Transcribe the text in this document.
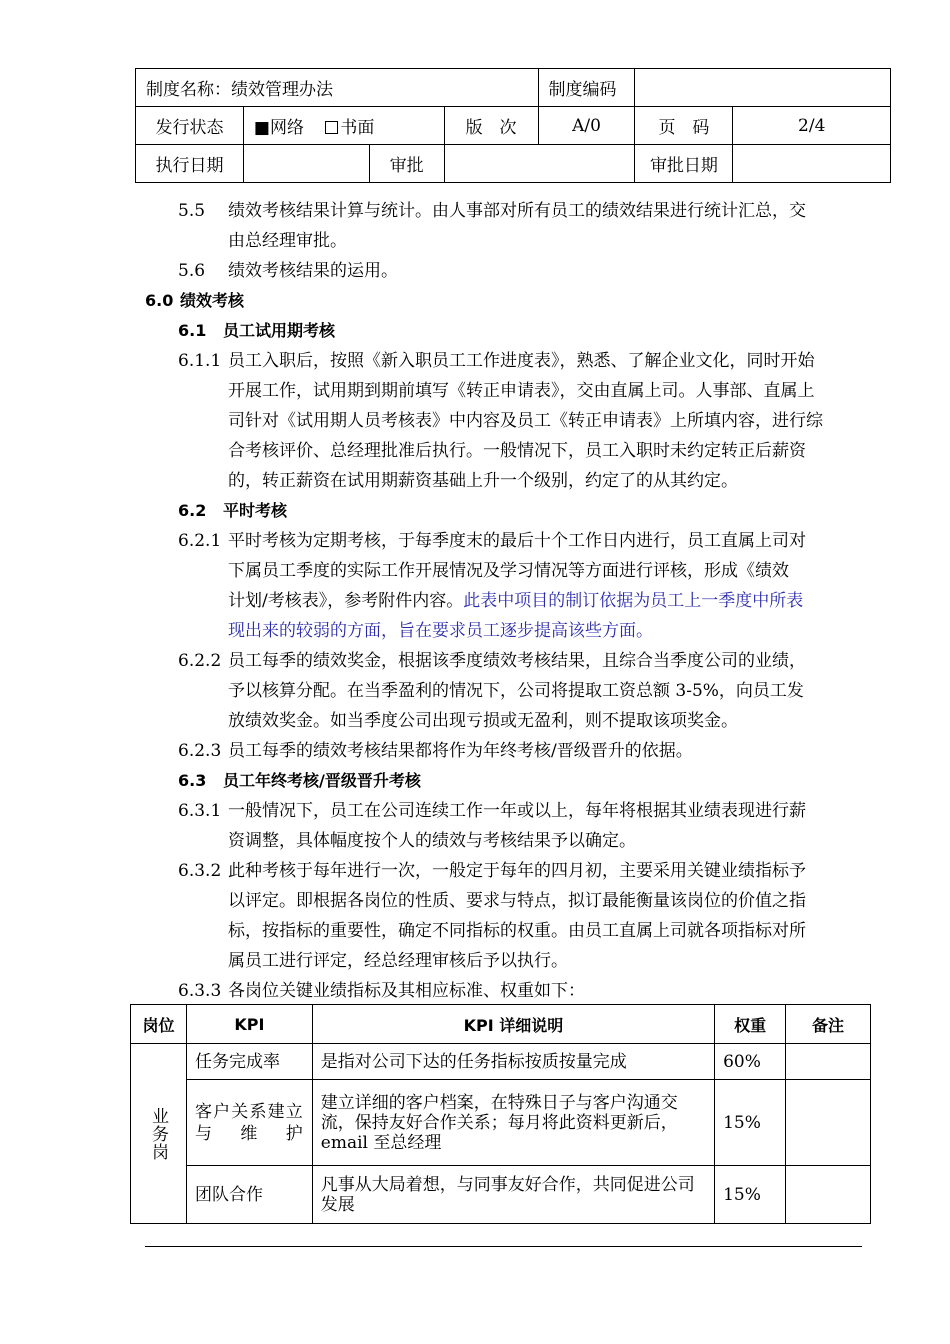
制度名称：绩效管理办法				制度编码		
发行状态	■网络 书面		版　次	A/0	页　码	2/4
执行日期		审批			审批日期	
5.5 绩效考核结果计算与统计。由人事部对所有员工的绩效结果进行统计汇总，交
由总经理审批。
5.6 绩效考核结果的运用。
6.0 绩效考核
6.1 员工试用期考核
6.1.1 员工入职后，按照《新入职员工工作进度表》，熟悉、了解企业文化，同时开始
开展工作，试用期到期前填写《转正申请表》，交由直属上司。人事部、直属上
司针对《试用期人员考核表》中内容及员工《转正申请表》上所填内容，进行综
合考核评价、总经理批准后执行。一般情况下，员工入职时未约定转正后薪资
的，转正薪资在试用期薪资基础上升一个级别，约定了的从其约定。
6.2 平时考核
6.2.1 平时考核为定期考核，于每季度末的最后十个工作日内进行，员工直属上司对
下属员工季度的实际工作开展情况及学习情况等方面进行评核，形成《绩效
计划/考核表》，参考附件内容。此表中项目的制订依据为员工上一季度中所表
现出来的较弱的方面，旨在要求员工逐步提高该些方面。
6.2.2 员工每季的绩效奖金，根据该季度绩效考核结果，且综合当季度公司的业绩，
予以核算分配。在当季盈利的情况下，公司将提取工资总额 3-5%，向员工发
放绩效奖金。如当季度公司出现亏损或无盈利，则不提取该项奖金。
6.2.3 员工每季的绩效考核结果都将作为年终考核/晋级晋升的依据。
6.3 员工年终考核/晋级晋升考核
6.3.1 一般情况下，员工在公司连续工作一年或以上，每年将根据其业绩表现进行薪
资调整，具体幅度按个人的绩效与考核结果予以确定。
6.3.2 此种考核于每年进行一次，一般定于每年的四月初，主要采用关键业绩指标予
以评定。即根据各岗位的性质、要求与特点，拟订最能衡量该岗位的价值之指
标，按指标的重要性，确定不同指标的权重。由员工直属上司就各项指标对所
属员工进行评定，经总经理审核后予以执行。
6.3.3 各岗位关键业绩指标及其相应标准、权重如下：
岗位	KPI	KPI 详细说明	权重	备注

业务岗	任务完成率	是指对公司下达的任务指标按质按量完成	60%	
	客户关系建立与维护	建立详细的客户档案，在特殊日子与客户沟通交流，保持友好合作关系；每月将此资料更新后，email 至总经理	15%	
	团队合作	凡事从大局着想，与同事友好合作，共同促进公司发展	15%	
